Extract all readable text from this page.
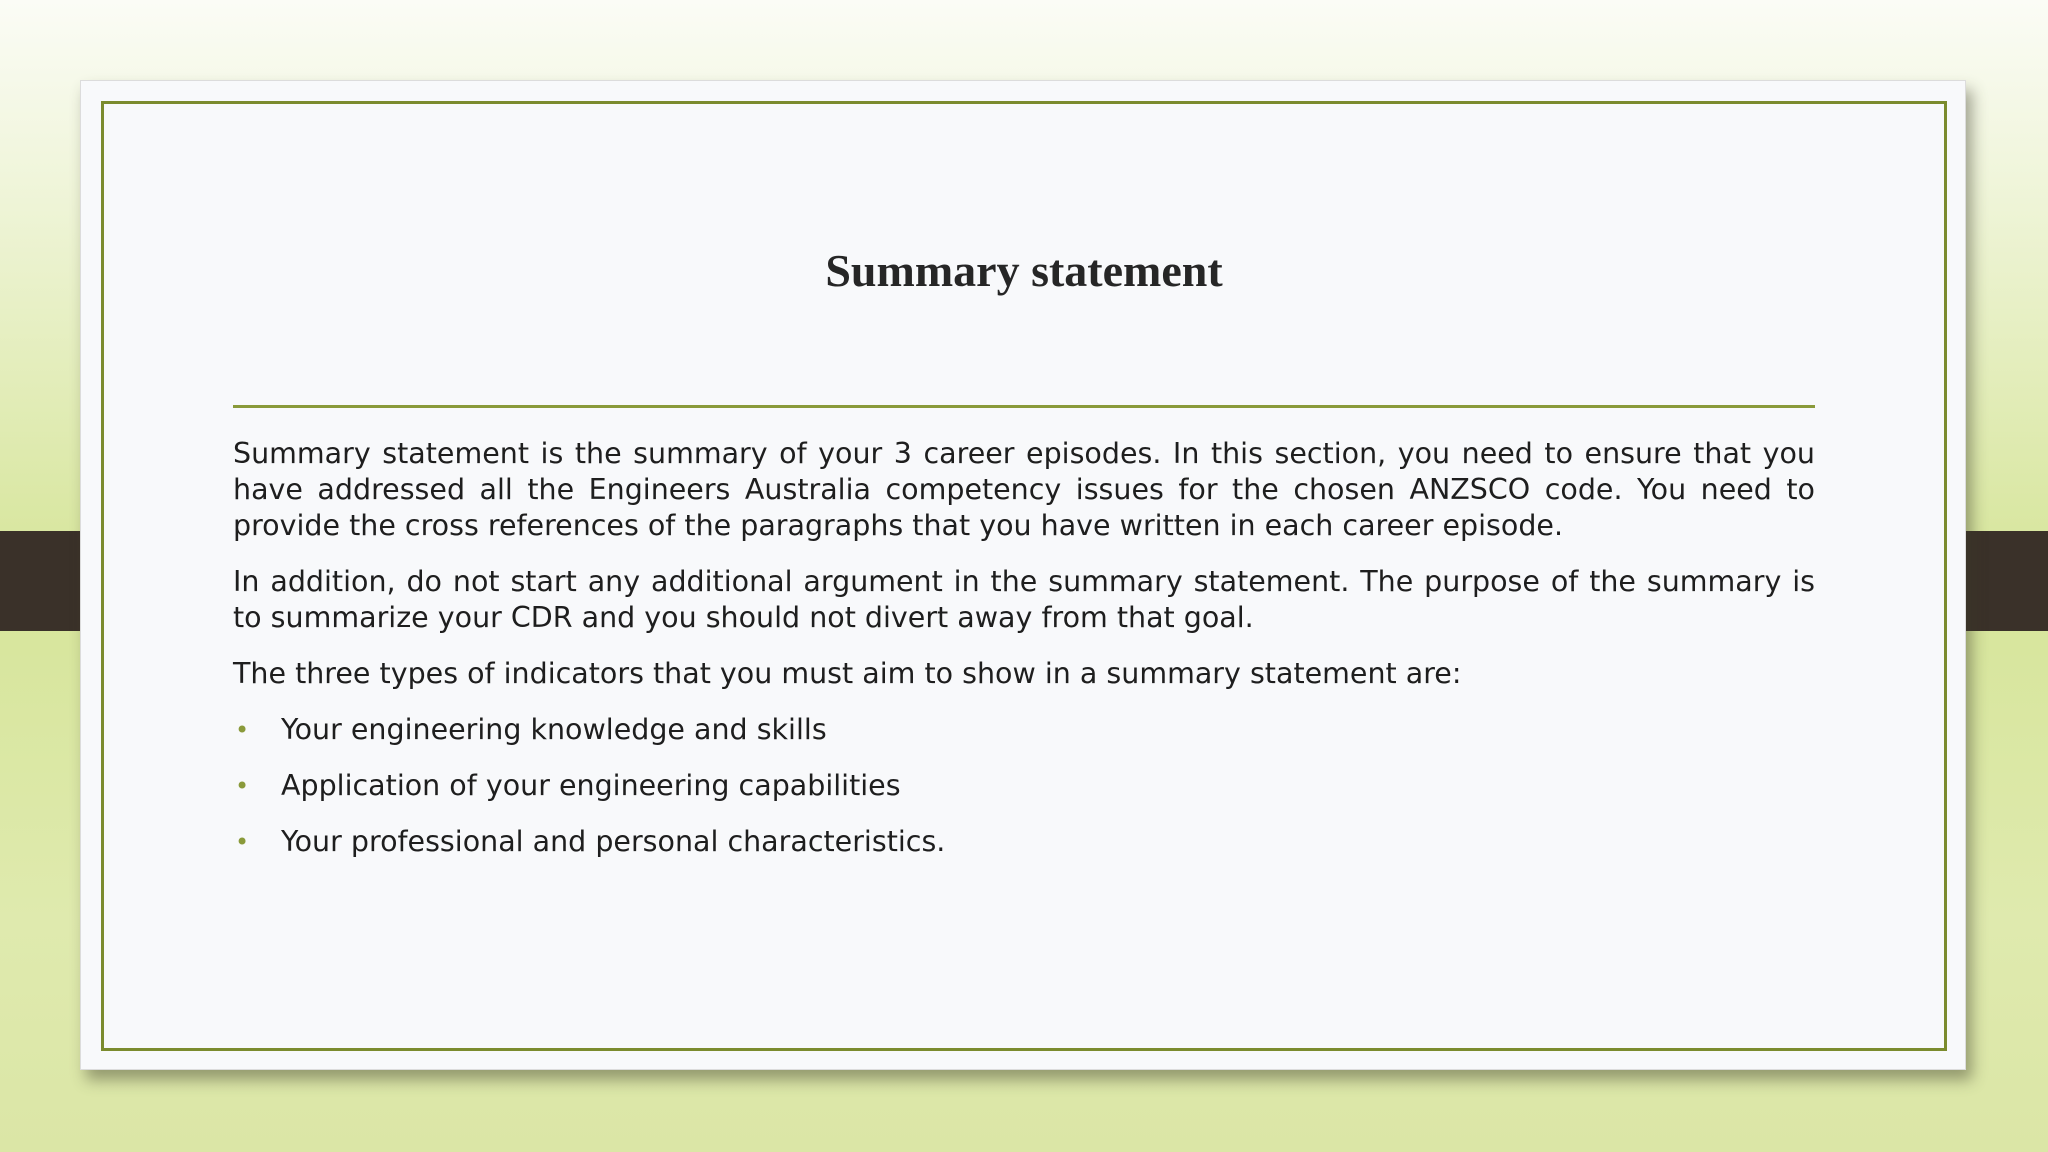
Summary statement

Summary statement is the summary of your 3 career episodes. In this section, you need to ensure that you have addressed all the Engineers Australia competency issues for the chosen ANZSCO code. You need to provide the cross references of the paragraphs that you have written in each career episode.

In addition, do not start any additional argument in the summary statement. The purpose of the summary is to summarize your CDR and you should not divert away from that goal.

The three types of indicators that you must aim to show in a summary statement are:

• Your engineering knowledge and skills
• Application of your engineering capabilities
• Your professional and personal characteristics.
